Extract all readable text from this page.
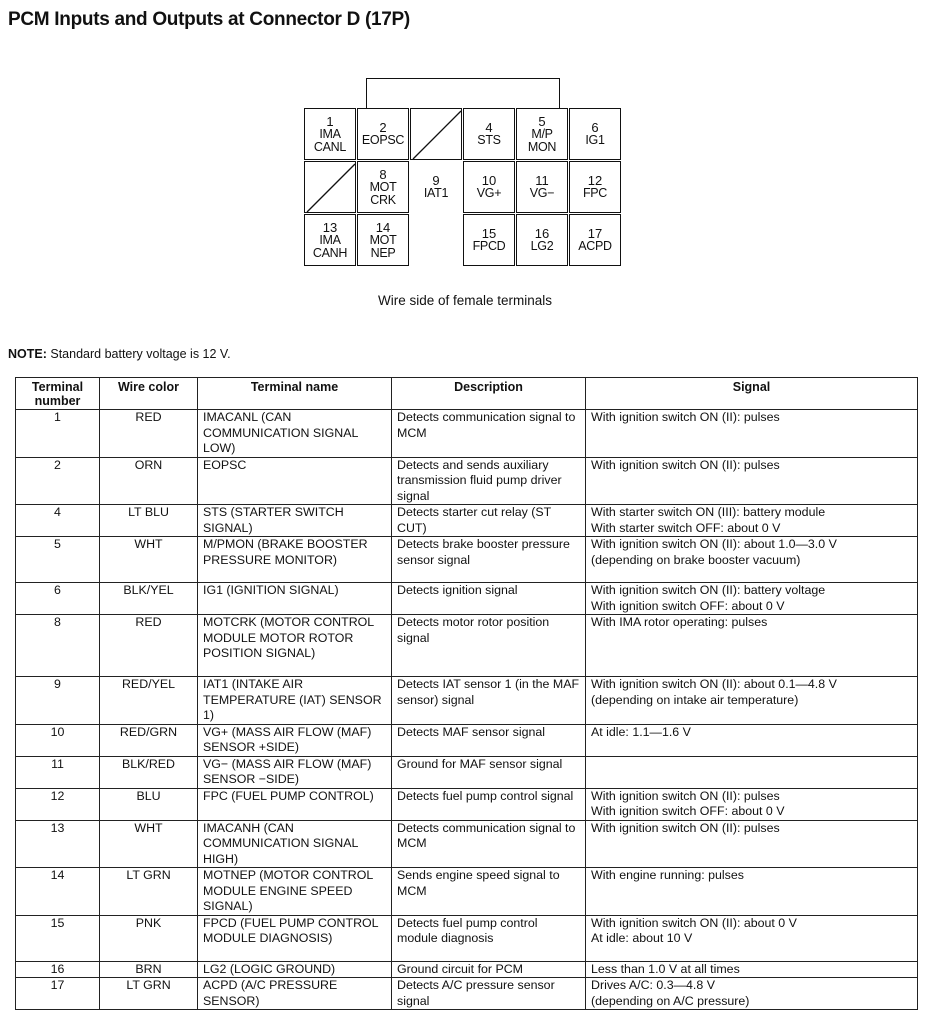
PCM Inputs and Outputs at Connector D (17P)
1
IMA
CANL
2
EOPSC
4
STS
5
M/P
MON
6
IG1
8
MOT
CRK
9
IAT1
10
VG+
11
VG−
12
FPC
13
IMA
CANH
14
MOT
NEP
15
FPCD
16
LG2
17
ACPD
Wire side of female terminals
NOTE: Standard battery voltage is 12 V.
Terminal number	Wire color	Terminal name	Description	Signal
1	RED	IMACANL (CAN COMMUNICATION SIGNAL LOW)	Detects communication signal to MCM	With ignition switch ON (II): pulses

2	ORN	EOPSC	Detects and sends auxiliary transmission fluid pump driver signal	With ignition switch ON (II): pulses

4	LT BLU	STS (STARTER SWITCH SIGNAL)	Detects starter cut relay (ST CUT)	With starter switch ON (III): battery module
With starter switch OFF: about 0 V

5	WHT	M/PMON (BRAKE BOOSTER PRESSURE MONITOR)	Detects brake booster pressure sensor signal	With ignition switch ON (II): about 1.0—3.0 V
(depending on brake booster vacuum)

6	BLK/YEL	IG1 (IGNITION SIGNAL)	Detects ignition signal	With ignition switch ON (II): battery voltage
With ignition switch OFF: about 0 V

8	RED	MOTCRK (MOTOR CONTROL MODULE MOTOR ROTOR POSITION SIGNAL)	Detects motor rotor position signal	With IMA rotor operating: pulses

9	RED/YEL	IAT1 (INTAKE AIR TEMPERATURE (IAT) SENSOR 1)	Detects IAT sensor 1 (in the MAF sensor) signal	With ignition switch ON (II): about 0.1—4.8 V
(depending on intake air temperature)

10	RED/GRN	VG+ (MASS AIR FLOW (MAF) SENSOR +SIDE)	Detects MAF sensor signal	At idle: 1.1—1.6 V

11	BLK/RED	VG− (MASS AIR FLOW (MAF) SENSOR −SIDE)	Ground for MAF sensor signal	
12	BLU	FPC (FUEL PUMP CONTROL)	Detects fuel pump control signal	With ignition switch ON (II): pulses
With ignition switch OFF: about 0 V

13	WHT	IMACANH (CAN COMMUNICATION SIGNAL HIGH)	Detects communication signal to MCM	With ignition switch ON (II): pulses

14	LT GRN	MOTNEP (MOTOR CONTROL MODULE ENGINE SPEED SIGNAL)	Sends engine speed signal to MCM	With engine running: pulses

15	PNK	FPCD (FUEL PUMP CONTROL MODULE DIAGNOSIS)	Detects fuel pump control module diagnosis	With ignition switch ON (II): about 0 V
At idle: about 10 V

16	BRN	LG2 (LOGIC GROUND)	Ground circuit for PCM	Less than 1.0 V at all times

17	LT GRN	ACPD (A/C PRESSURE SENSOR)	Detects A/C pressure sensor signal	Drives A/C: 0.3—4.8 V
(depending on A/C pressure)
